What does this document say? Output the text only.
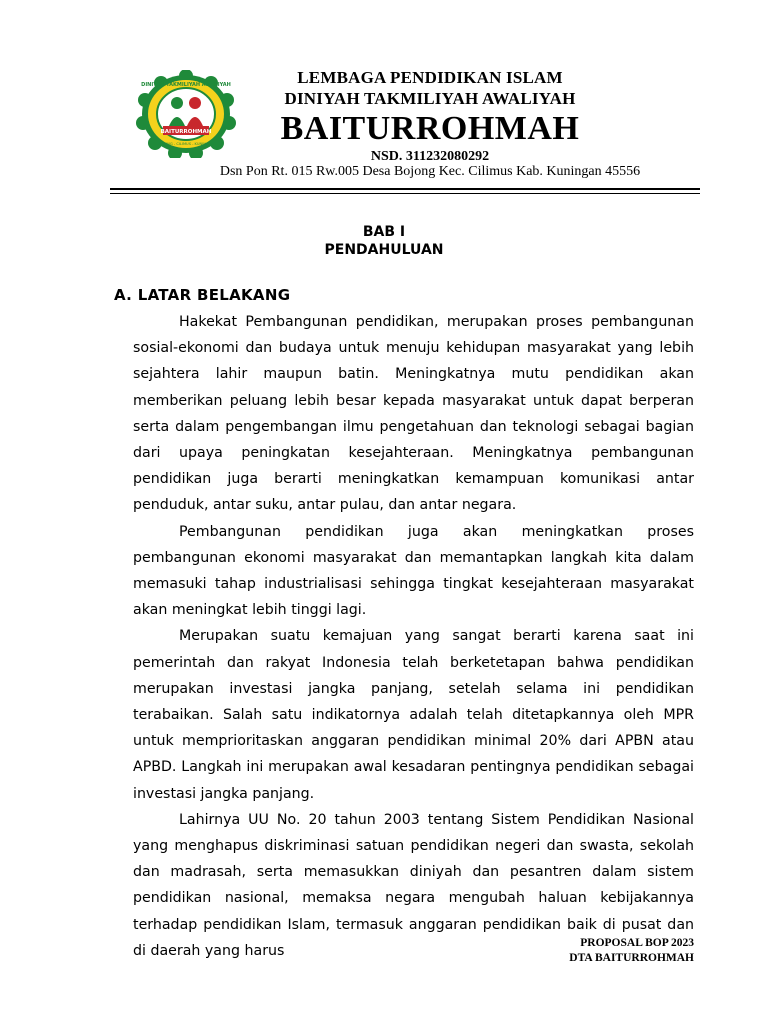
BAITURROHMAH
DINIYAH TAKMILIYAH AWALIYAH
BOJONG - CILIMUS - KUNINGAN
LEMBAGA PENDIDIKAN ISLAM
DINIYAH TAKMILIYAH AWALIYAH
BAITURROHMAH
NSD. 311232080292
Dsn Pon Rt. 015 Rw.005 Desa Bojong Kec. Cilimus Kab. Kuningan 45556
BAB I
PENDAHULUAN
A. LATAR BELAKANG

Hakekat Pembangunan pendidikan, merupakan proses pembangunan sosial-ekonomi dan budaya untuk menuju kehidupan masyarakat yang lebih sejahtera lahir maupun batin. Meningkatnya mutu pendidikan akan memberikan peluang lebih besar kepada masyarakat untuk dapat berperan serta dalam pengembangan ilmu pengetahuan dan teknologi sebagai bagian dari upaya peningkatan kesejahteraan. Meningkatnya pembangunan pendidikan juga berarti meningkatkan kemampuan komunikasi antar penduduk, antar suku, antar pulau, dan antar negara.

Pembangunan pendidikan juga akan meningkatkan proses pembangunan ekonomi masyarakat dan memantapkan langkah kita dalam memasuki tahap industrialisasi sehingga tingkat kesejahteraan masyarakat akan meningkat lebih tinggi lagi.

Merupakan suatu kemajuan yang sangat berarti karena saat ini pemerintah dan rakyat Indonesia telah berketetapan bahwa pendidikan merupakan investasi jangka panjang, setelah selama ini pendidikan terabaikan. Salah satu indikatornya adalah telah ditetapkannya oleh MPR untuk memprioritaskan anggaran pendidikan minimal 20% dari APBN atau APBD. Langkah ini merupakan awal kesadaran pentingnya pendidikan sebagai investasi jangka panjang.

Lahirnya UU No. 20 tahun 2003 tentang Sistem Pendidikan Nasional yang menghapus diskriminasi satuan pendidikan negeri dan swasta, sekolah dan madrasah, serta memasukkan diniyah dan pesantren dalam sistem pendidikan nasional, memaksa negara mengubah haluan kebijakannya terhadap pendidikan Islam, termasuk anggaran pendidikan baik di pusat dan di daerah yang harus	PROPOSAL BOP 2023
DTA BAITURROHMAH
